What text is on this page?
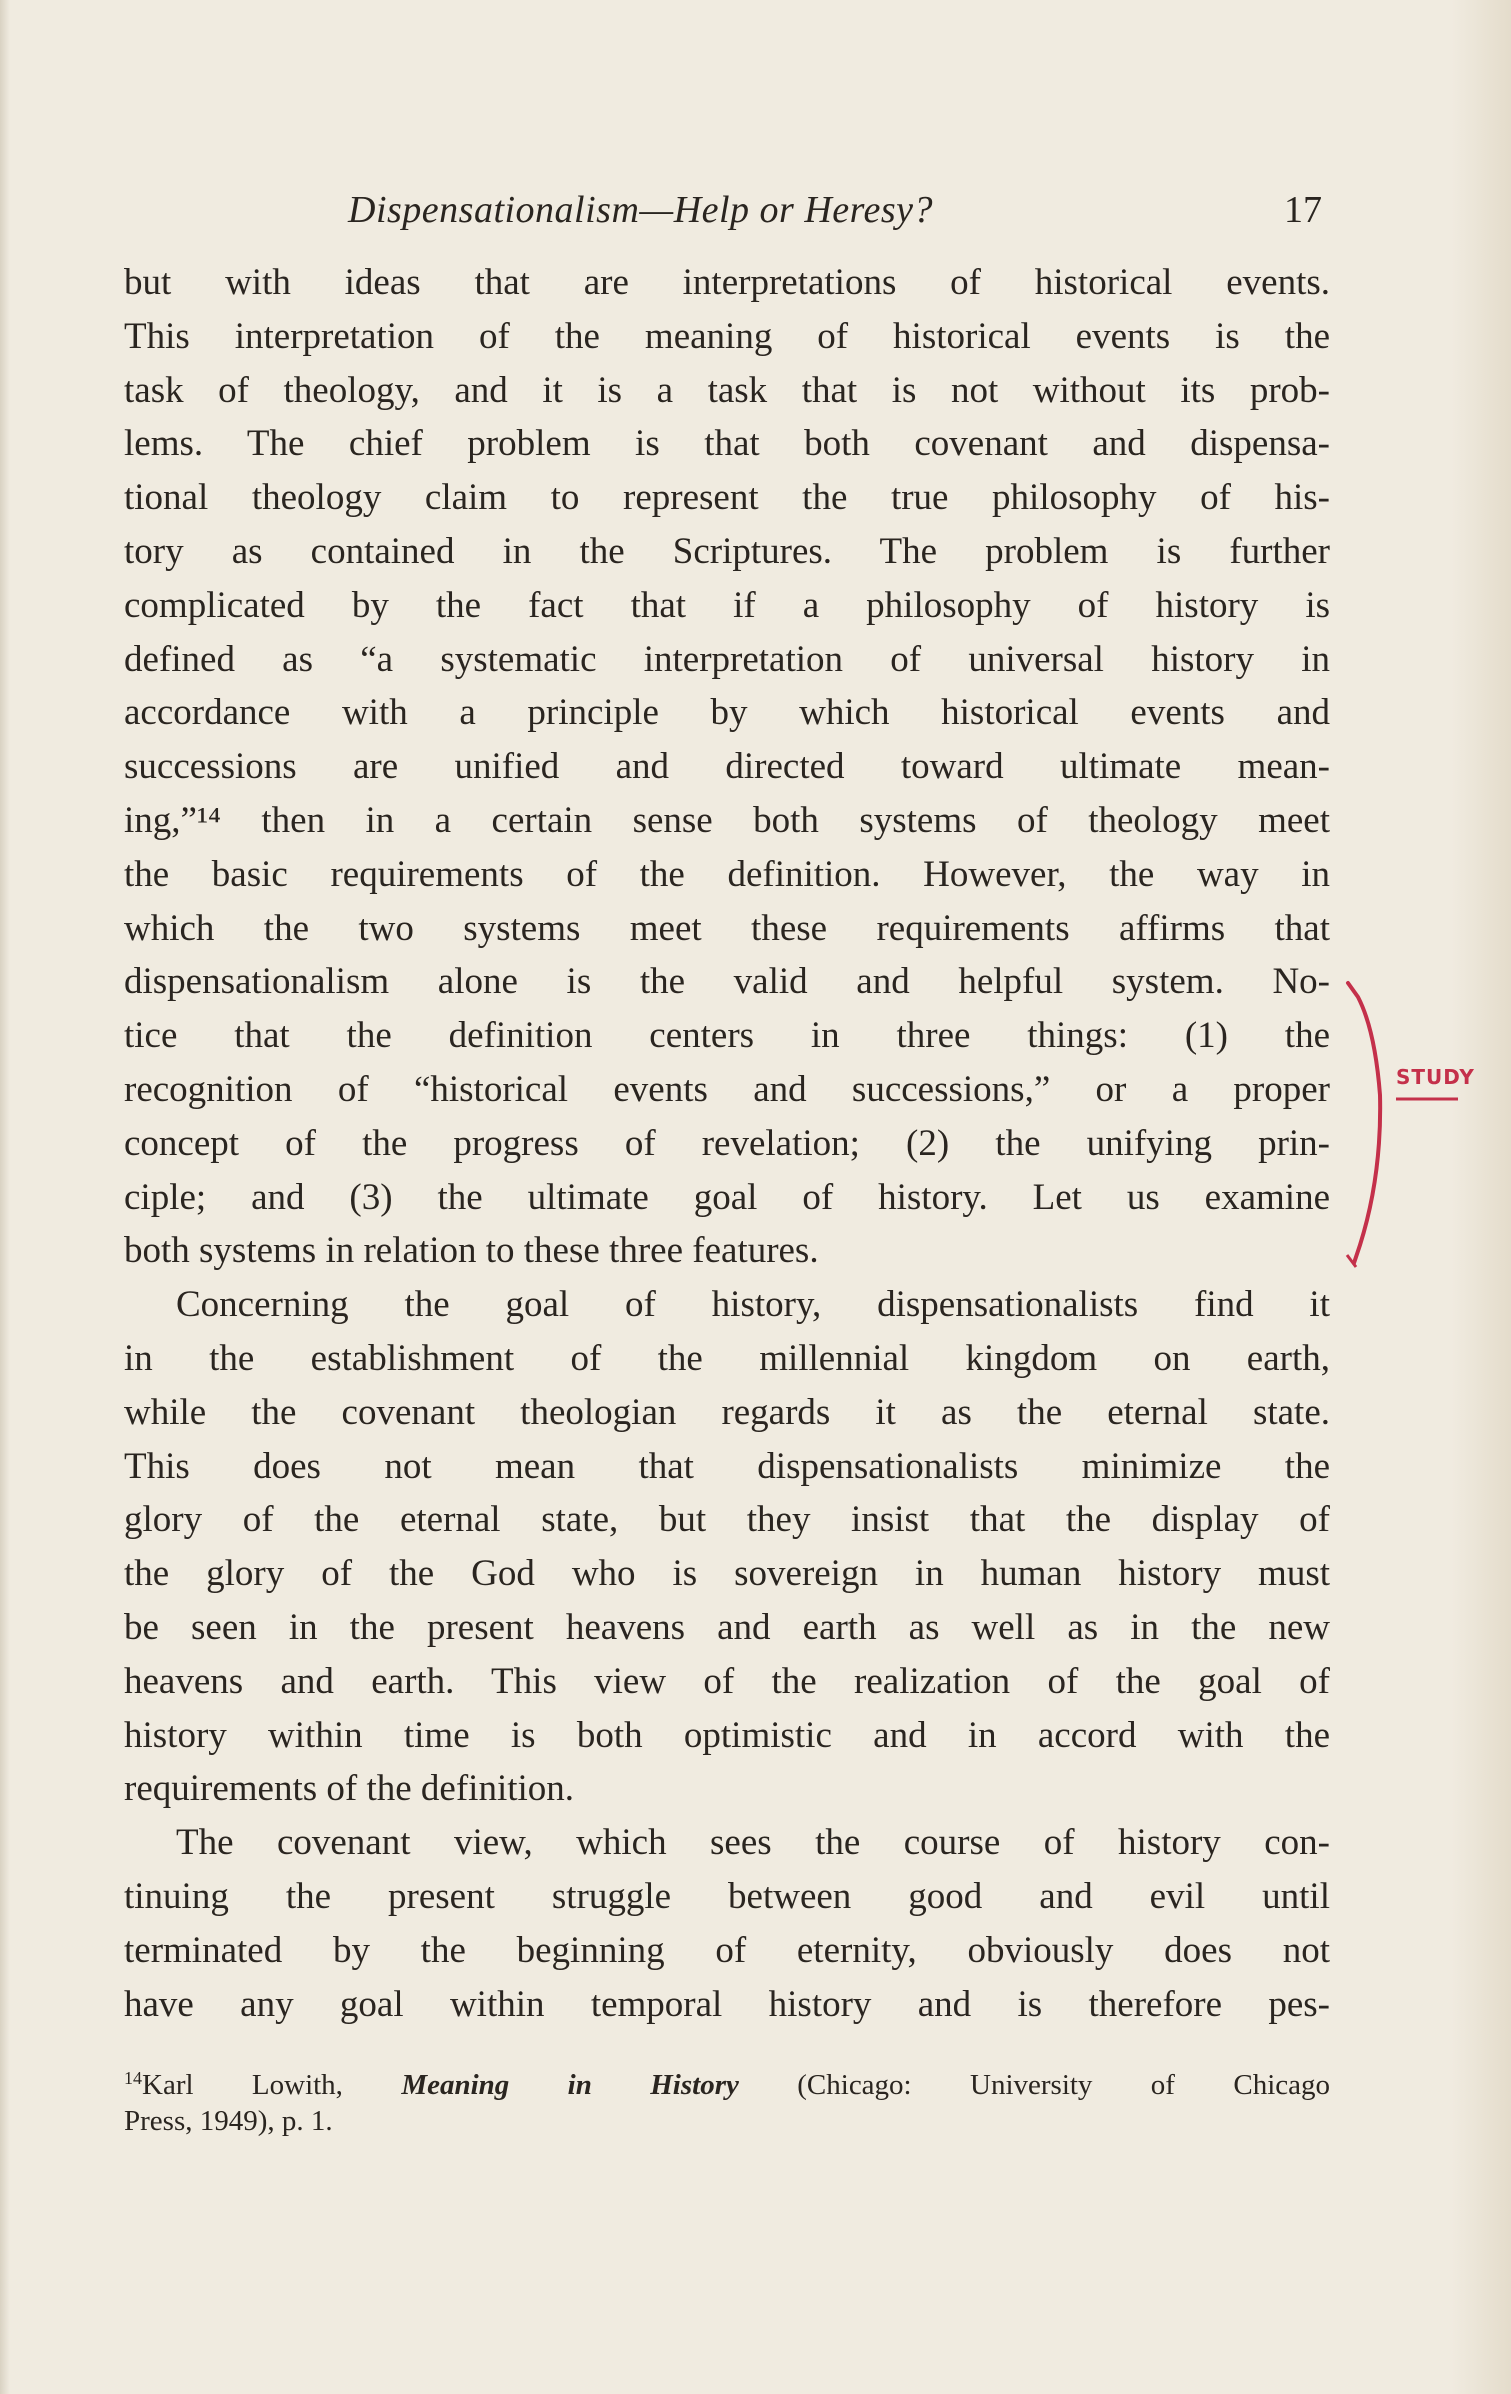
Dispensationalism—Help or Heresy?	17
but with ideas that are interpretations of historical events.
This interpretation of the meaning of historical events is the
task of theology, and it is a task that is not without its prob-
lems. The chief problem is that both covenant and dispensa-
tional theology claim to represent the true philosophy of his-
tory as contained in the Scriptures. The problem is further
complicated by the fact that if a philosophy of history is
defined as “a systematic interpretation of universal history in
accordance with a principle by which historical events and
successions are unified and directed toward ultimate mean-
ing,”¹⁴ then in a certain sense both systems of theology meet
the basic requirements of the definition. However, the way in
which the two systems meet these requirements affirms that
dispensationalism alone is the valid and helpful system. No-
tice that the definition centers in three things: (1) the
recognition of “historical events and successions,” or a proper
concept of the progress of revelation; (2) the unifying prin-
ciple; and (3) the ultimate goal of history. Let us examine
both systems in relation to these three features.
Concerning the goal of history, dispensationalists find it
in the establishment of the millennial kingdom on earth,
while the covenant theologian regards it as the eternal state.
This does not mean that dispensationalists minimize the
glory of the eternal state, but they insist that the display of
the glory of the God who is sovereign in human history must
be seen in the present heavens and earth as well as in the new
heavens and earth. This view of the realization of the goal of
history within time is both optimistic and in accord with the
requirements of the definition.
The covenant view, which sees the course of history con-
tinuing the present struggle between good and evil until
terminated by the beginning of eternity, obviously does not
have any goal within temporal history and is therefore pes-
$^{14}$Karl Lowith, Meaning in History (Chicago: University of Chicago
Press, 1949), p. 1.
STUDY
